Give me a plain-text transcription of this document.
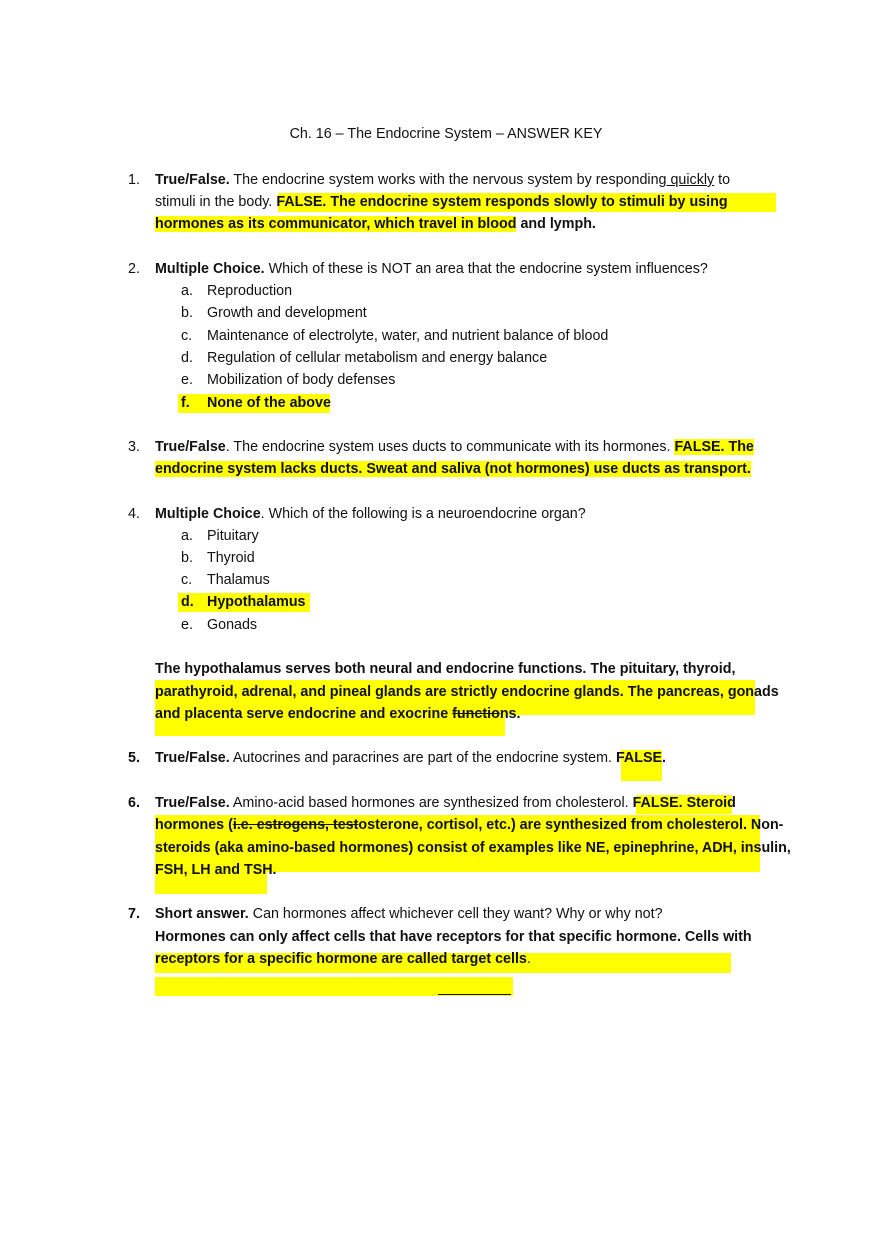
Ch. 16 – The Endocrine System – ANSWER KEY
1. True/False. The endocrine system works with the nervous system by responding quickly to
stimuli in the body. FALSE. The endocrine system responds slowly to stimuli by using
hormones as its communicator, which travel in blood and lymph.
2. Multiple Choice. Which of these is NOT an area that the endocrine system influences?
a. Reproduction
b. Growth and development
c. Maintenance of electrolyte, water, and nutrient balance of blood
d. Regulation of cellular metabolism and energy balance
e. Mobilization of body defenses
f. None of the above
3. True/False. The endocrine system uses ducts to communicate with its hormones. FALSE. The
endocrine system lacks ducts. Sweat and saliva (not hormones) use ducts as transport.
4. Multiple Choice. Which of the following is a neuroendocrine organ?
a. Pituitary
b. Thyroid
c. Thalamus
d. Hypothalamus
e. Gonads
The hypothalamus serves both neural and endocrine functions. The pituitary, thyroid,
parathyroid, adrenal, and pineal glands are strictly endocrine glands. The pancreas, gonads
and placenta serve endocrine and exocrine functions.
5. True/False. Autocrines and paracrines are part of the endocrine system. FALSE.
6. True/False. Amino-acid based hormones are synthesized from cholesterol. FALSE. Steroid
hormones (i.e. estrogens, testosterone, cortisol, etc.) are synthesized from cholesterol. Non-
steroids (aka amino-based hormones) consist of examples like NE, epinephrine, ADH, insulin,
FSH, LH and TSH.
7. Short answer. Can hormones affect whichever cell they want? Why or why not?
Hormones can only affect cells that have receptors for that specific hormone. Cells with
receptors for a specific hormone are called target cells.
